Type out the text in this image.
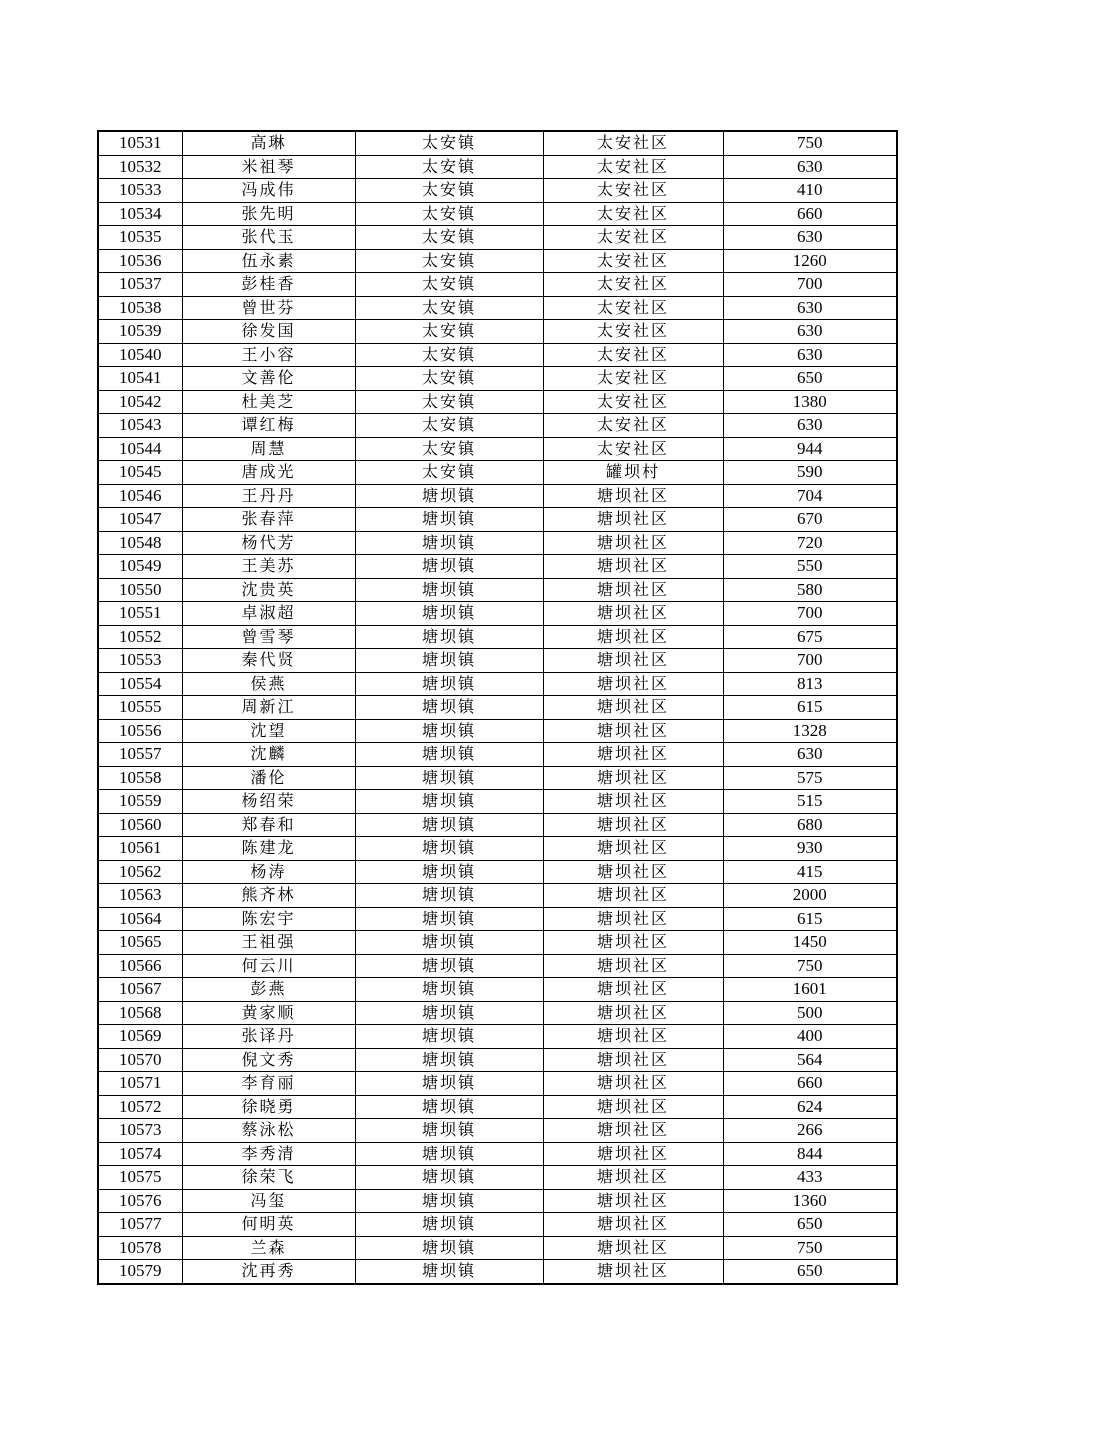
10531	高琳	太安镇	太安社区	750
10532	米祖琴	太安镇	太安社区	630
10533	冯成伟	太安镇	太安社区	410
10534	张先明	太安镇	太安社区	660
10535	张代玉	太安镇	太安社区	630
10536	伍永素	太安镇	太安社区	1260
10537	彭桂香	太安镇	太安社区	700
10538	曾世芬	太安镇	太安社区	630
10539	徐发国	太安镇	太安社区	630
10540	王小容	太安镇	太安社区	630
10541	文善伦	太安镇	太安社区	650
10542	杜美芝	太安镇	太安社区	1380
10543	谭红梅	太安镇	太安社区	630
10544	周慧	太安镇	太安社区	944
10545	唐成光	太安镇	罐坝村	590
10546	王丹丹	塘坝镇	塘坝社区	704
10547	张春萍	塘坝镇	塘坝社区	670
10548	杨代芳	塘坝镇	塘坝社区	720
10549	王美苏	塘坝镇	塘坝社区	550
10550	沈贵英	塘坝镇	塘坝社区	580
10551	卓淑超	塘坝镇	塘坝社区	700
10552	曾雪琴	塘坝镇	塘坝社区	675
10553	秦代贤	塘坝镇	塘坝社区	700
10554	侯燕	塘坝镇	塘坝社区	813
10555	周新江	塘坝镇	塘坝社区	615
10556	沈望	塘坝镇	塘坝社区	1328
10557	沈麟	塘坝镇	塘坝社区	630
10558	潘伦	塘坝镇	塘坝社区	575
10559	杨绍荣	塘坝镇	塘坝社区	515
10560	郑春和	塘坝镇	塘坝社区	680
10561	陈建龙	塘坝镇	塘坝社区	930
10562	杨涛	塘坝镇	塘坝社区	415
10563	熊齐林	塘坝镇	塘坝社区	2000
10564	陈宏宇	塘坝镇	塘坝社区	615
10565	王祖强	塘坝镇	塘坝社区	1450
10566	何云川	塘坝镇	塘坝社区	750
10567	彭燕	塘坝镇	塘坝社区	1601
10568	黄家顺	塘坝镇	塘坝社区	500
10569	张译丹	塘坝镇	塘坝社区	400
10570	倪文秀	塘坝镇	塘坝社区	564
10571	李育丽	塘坝镇	塘坝社区	660
10572	徐晓勇	塘坝镇	塘坝社区	624
10573	蔡泳松	塘坝镇	塘坝社区	266
10574	李秀清	塘坝镇	塘坝社区	844
10575	徐荣飞	塘坝镇	塘坝社区	433
10576	冯玺	塘坝镇	塘坝社区	1360
10577	何明英	塘坝镇	塘坝社区	650
10578	兰森	塘坝镇	塘坝社区	750
10579	沈再秀	塘坝镇	塘坝社区	650
